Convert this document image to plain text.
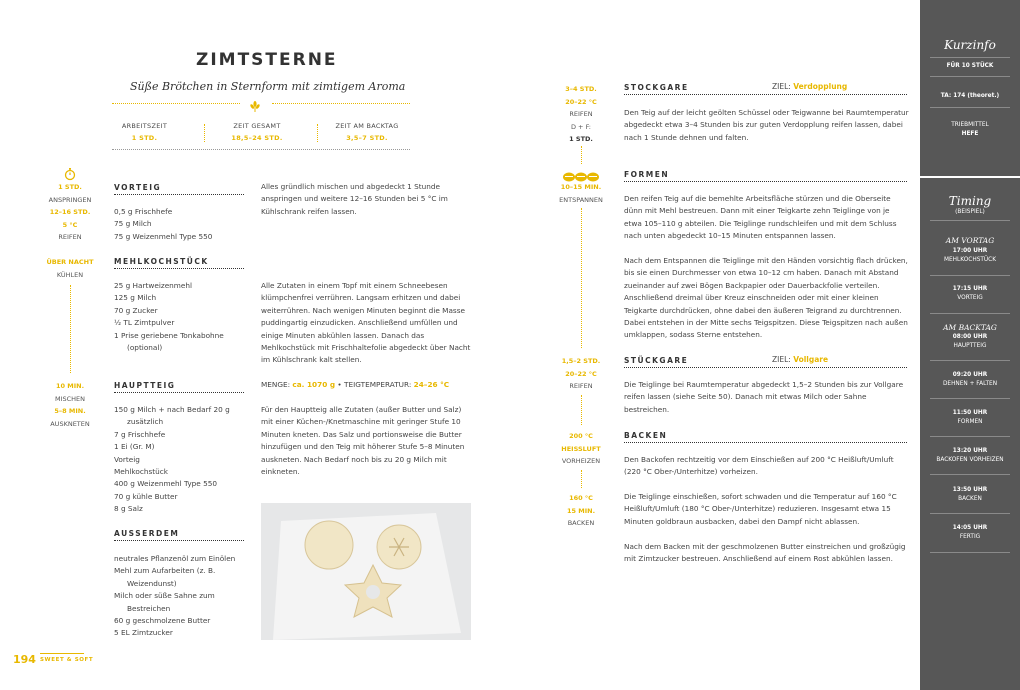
ZIMTSTERNE
Süße Brötchen in Sternform mit zimtigem Aroma
ARBEITSZEIT
1 STD.
ZEIT GESAMT
18,5–24 STD.
ZEIT AM BACKTAG
3,5–7 STD.
1 STD.
ANSPRINGEN
12–16 STD.
5 °C
REIFEN
ÜBER NACHT
KÜHLEN
10 MIN.
MISCHEN
5–8 MIN.
AUSKNETEN
VORTEIG
0,5 g Frischhefe
75 g Milch
75 g Weizenmehl Type 550
Alles gründlich mischen und abgedeckt 1 Stunde anspringen und weitere 12–16 Stunden bei 5 °C im Kühlschrank reifen lassen.
MEHLKOCHSTÜCK
25 g Hartweizenmehl
125 g Milch
70 g Zucker
½ TL Zimtpulver
1 Prise geriebene Tonkabohne (optional)
Alle Zutaten in einem Topf mit einem Schneebesen klümpchenfrei verrühren. Langsam erhitzen und dabei weiterrühren. Nach wenigen Minuten beginnt die Masse puddingartig einzudicken. Anschließend umfüllen und einige Minuten abkühlen lassen. Danach das Mehlkochstück mit Frischhaltefolie abgedeckt über Nacht im Kühlschrank kalt stellen.
HAUPTTEIG
150 g Milch + nach Bedarf 20 g zusätzlich
7 g Frischhefe
1 Ei (Gr. M)
Vorteig
Mehlkochstück
400 g Weizenmehl Type 550
70 g kühle Butter
8 g Salz
MENGE: ca. 1070 g • TEIGTEMPERATUR: 24–26 °C
Für den Hauptteig alle Zutaten (außer Butter und Salz) mit einer Küchen-/Knetmaschine mit geringer Stufe 10 Minuten kneten. Das Salz und portionsweise die Butter hinzufügen und den Teig mit höherer Stufe 5–8 Minuten auskneten. Nach Bedarf noch bis zu 20 g Milch mit einkneten.
AUSSERDEM
neutrales Pflanzenöl zum Einölen
Mehl zum Aufarbeiten (z. B. Weizendunst)
Milch oder süße Sahne zum Bestreichen
60 g geschmolzene Butter
5 EL Zimtzucker
194 SWEET & SOFT
3–4 STD.
20–22 °C
REIFEN
D + F:
1 STD.
10–15 MIN.
ENTSPANNEN
1,5–2 STD.
20–22 °C
REIFEN
200 °C
HEISSLUFT
VORHEIZEN
160 °C
15 MIN.
BACKEN
STOCKGARE	ZIEL: Verdopplung
Den Teig auf der leicht geölten Schüssel oder Teigwanne bei Raumtemperatur abgedeckt etwa 3–4 Stunden bis zur guten Verdopplung reifen lassen, dabei nach 1 Stunde dehnen und falten.
FORMEN
Den reifen Teig auf die bemehlte Arbeitsfläche stürzen und die Oberseite dünn mit Mehl bestreuen. Dann mit einer Teigkarte zehn Teiglinge von je etwa 105–110 g abteilen. Die Teiglinge rundschleifen und mit dem Schluss nach unten abgedeckt 10–15 Minuten entspannen lassen.
Nach dem Entspannen die Teiglinge mit den Händen vorsichtig flach drücken, bis sie einen Durchmesser von etwa 10–12 cm haben. Danach mit Abstand zueinander auf zwei Bögen Backpapier oder Dauerbackfolie verteilen. Anschließend dreimal über Kreuz einschneiden oder mit einer kleinen Teigkarte durchdrücken, ohne dabei den äußeren Teigrand zu durchtrennen. Dabei entstehen in der Mitte sechs Teigspitzen. Diese Teigspitzen nach außen umklappen, sodass Sterne entstehen.
STÜCKGARE	ZIEL: Vollgare
Die Teiglinge bei Raumtemperatur abgedeckt 1,5–2 Stunden bis zur Vollgare reifen lassen (siehe Seite 50). Danach mit etwas Milch oder Sahne bestreichen.
BACKEN
Den Backofen rechtzeitig vor dem Einschießen auf 200 °C Heißluft/Umluft (220 °C Ober-/Unterhitze) vorheizen.
Die Teiglinge einschießen, sofort schwaden und die Temperatur auf 160 °C Heißluft/Umluft (180 °C Ober-/Unterhitze) reduzieren. Insgesamt etwa 15 Minuten goldbraun ausbacken, dabei den Dampf nicht ablassen.
Nach dem Backen mit der geschmolzenen Butter einstreichen und großzügig mit Zimtzucker bestreuen. Anschließend auf einem Rost abkühlen lassen.
Kurzinfo
FÜR 10 STÜCK
TA: 174 (theoret.)
TRIEBMITTEL
HEFE
Timing
(BEISPIEL)
AM VORTAG
17:00 UHR
MEHLKOCHSTÜCK
17:15 UHR
VORTEIG
AM BACKTAG
08:00 UHR
HAUPTTEIG
09:20 UHR
DEHNEN + FALTEN
11:50 UHR
FORMEN
13:20 UHR
BACKOFEN VORHEIZEN
13:50 UHR
BACKEN
14:05 UHR
FERTIG
